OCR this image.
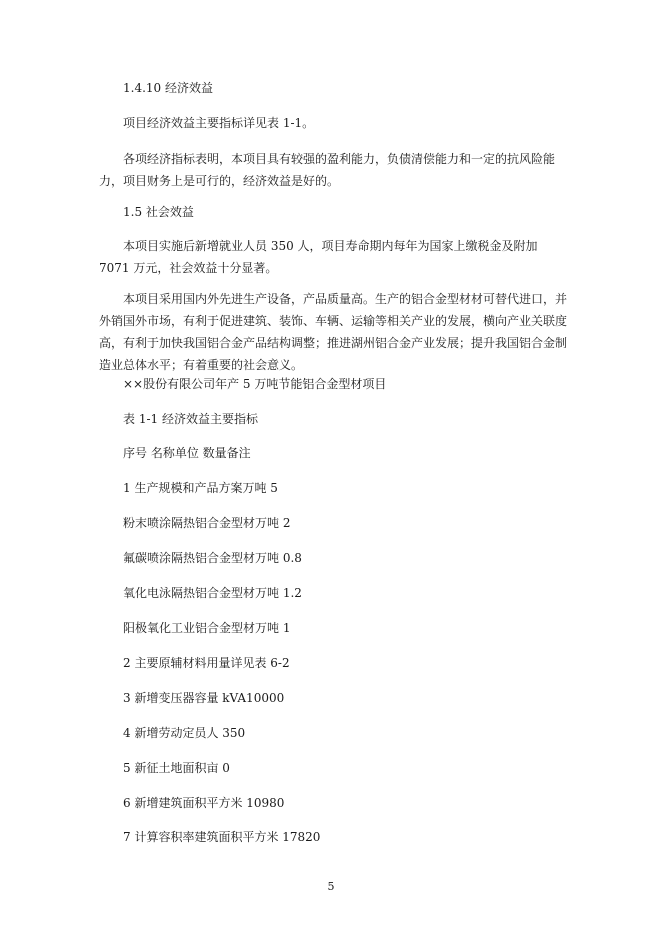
1.4.10 经济效益

项目经济效益主要指标详见表 1-1。

各项经济指标表明，本项目具有较强的盈利能力，负债清偿能力和一定的抗风险能力，项目财务上是可行的，经济效益是好的。

1.5 社会效益

本项目实施后新增就业人员 350 人，项目寿命期内每年为国家上缴税金及附加 7071 万元，社会效益十分显著。

本项目采用国内外先进生产设备，产品质量高。生产的铝合金型材材可替代进口，并外销国外市场，有利于促进建筑、装饰、车辆、运输等相关产业的发展，横向产业关联度高，有利于加快我国铝合金产品结构调整；推进湖州铝合金产业发展；提升我国铝合金制造业总体水平；有着重要的社会意义。

××股份有限公司年产 5 万吨节能铝合金型材项目

表 1-1 经济效益主要指标

序号 名称单位 数量备注

1 生产规模和产品方案万吨 5

粉末喷涂隔热铝合金型材万吨 2

氟碳喷涂隔热铝合金型材万吨 0.8

氧化电泳隔热铝合金型材万吨 1.2

阳极氧化工业铝合金型材万吨 1

2 主要原辅材料用量详见表 6-2

3 新增变压器容量 kVA10000

4 新增劳动定员人 350

5 新征土地面积亩 0

6 新增建筑面积平方米 10980

7 计算容积率建筑面积平方米 17820

5
